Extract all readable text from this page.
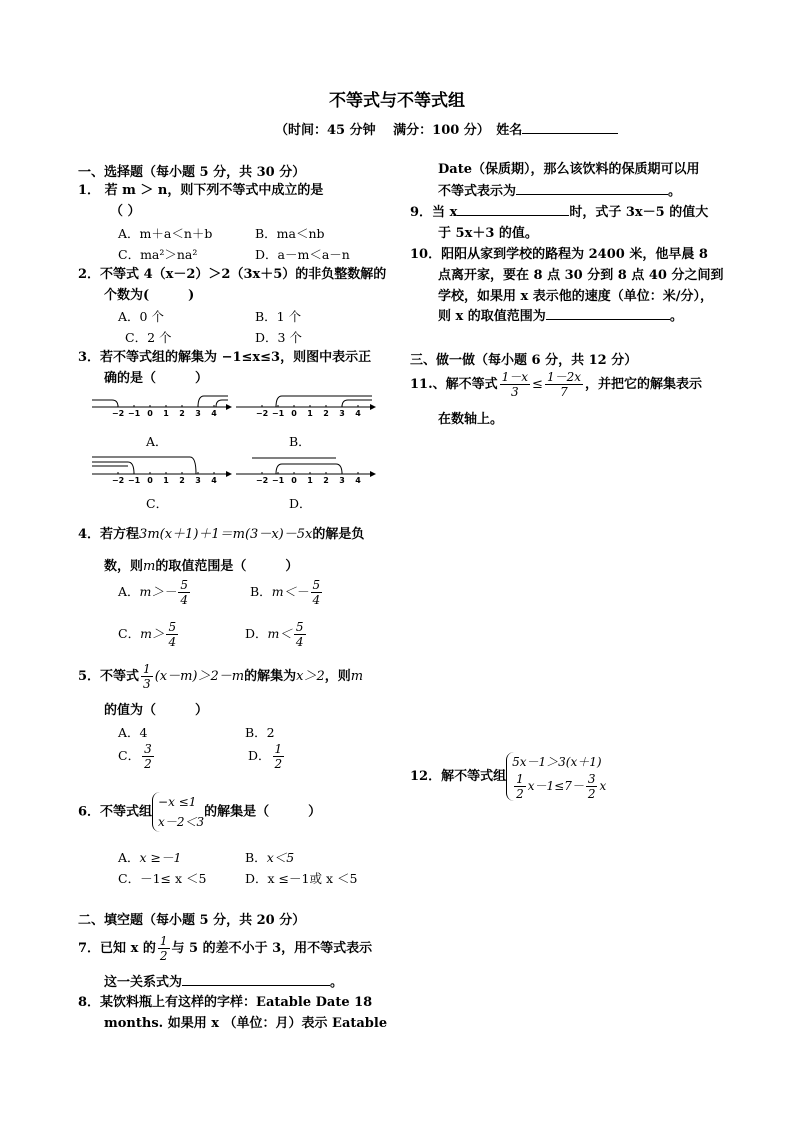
不等式与不等式组
（时间：45 分钟　 满分：100 分）　姓名
一、选择题（每小题 5 分，共 30 分）
1． 若 m ＞ n，则下列不等式中成立的是
（ ）
A．m＋a＜n＋b	B．ma＜nb
C．ma²＞na²	D．a－m＜a－n
2．不等式 4（x－2）＞2（3x＋5）的非负整数解的
个数为(　　　)
A．0 个	B．1 个
C．2 个	D．3 个
3．若不等式组的解集为 −1≤x≤3，则图中表示正
确的是（　　　）
−2 −1 0 1 2 3 4	−2 −1 0 1 2 3 4
A．	B．
−2 −1 0 1 2 3 4	−2 −1 0 1 2 3 4
C．	D．
4．若方程3m(x＋1)＋1＝m(3－x)－5x的解是负
数，则m的取值范围是（　　　）
A．$m>- \frac{5}{4}$	B．$m<- \frac{5}{4}$
C．$m> \frac{5}{4}$	D．$m< \frac{5}{4}$
5．不等式 $\frac{1}{3} (x-m)>2-m$的解集为x＞2，则m
的值为（　　　）
A．4	B．2
C． $\frac{3}{2}$	D． $\frac{1}{2}$
6．不等式组
−x ≤1
x－2＜3
的解集是（　　　）
A．x ≥－1	B．x＜5
C．－1≤ x ＜5	D．x ≤－1或 x ＜5
二、填空题（每小题 5 分，共 20 分）
7．已知 x 的 $\frac{1}{2}$ 与 5 的差不小于 3，用不等式表示
这一关系式为	。
8．某饮料瓶上有这样的字样：Eatable Date 18
months. 如果用 x （单位：月）表示 Eatable
Date（保质期），那么该饮料的保质期可以用
不等式表示为	。
9．当 x	时，式子 3x－5 的值大
于 5x＋3 的值。
10．阳阳从家到学校的路程为 2400 米，他早晨 8
点离开家，要在 8 点 30 分到 8 点 40 分之间到
学校，如果用 x 表示他的速度（单位：米/分），
则 x 的取值范围为	。
三、做一做（每小题 6 分，共 12 分）
11.、解不等式 $\frac{1-x}{3} \le \frac{1-2x}{7}$ ，并把它的解集表示
在数轴上。
12．解不等式组
5x－1＞3(x＋1)
$\frac{1}{2} x-1\le 7- \frac{3}{2}$ x
